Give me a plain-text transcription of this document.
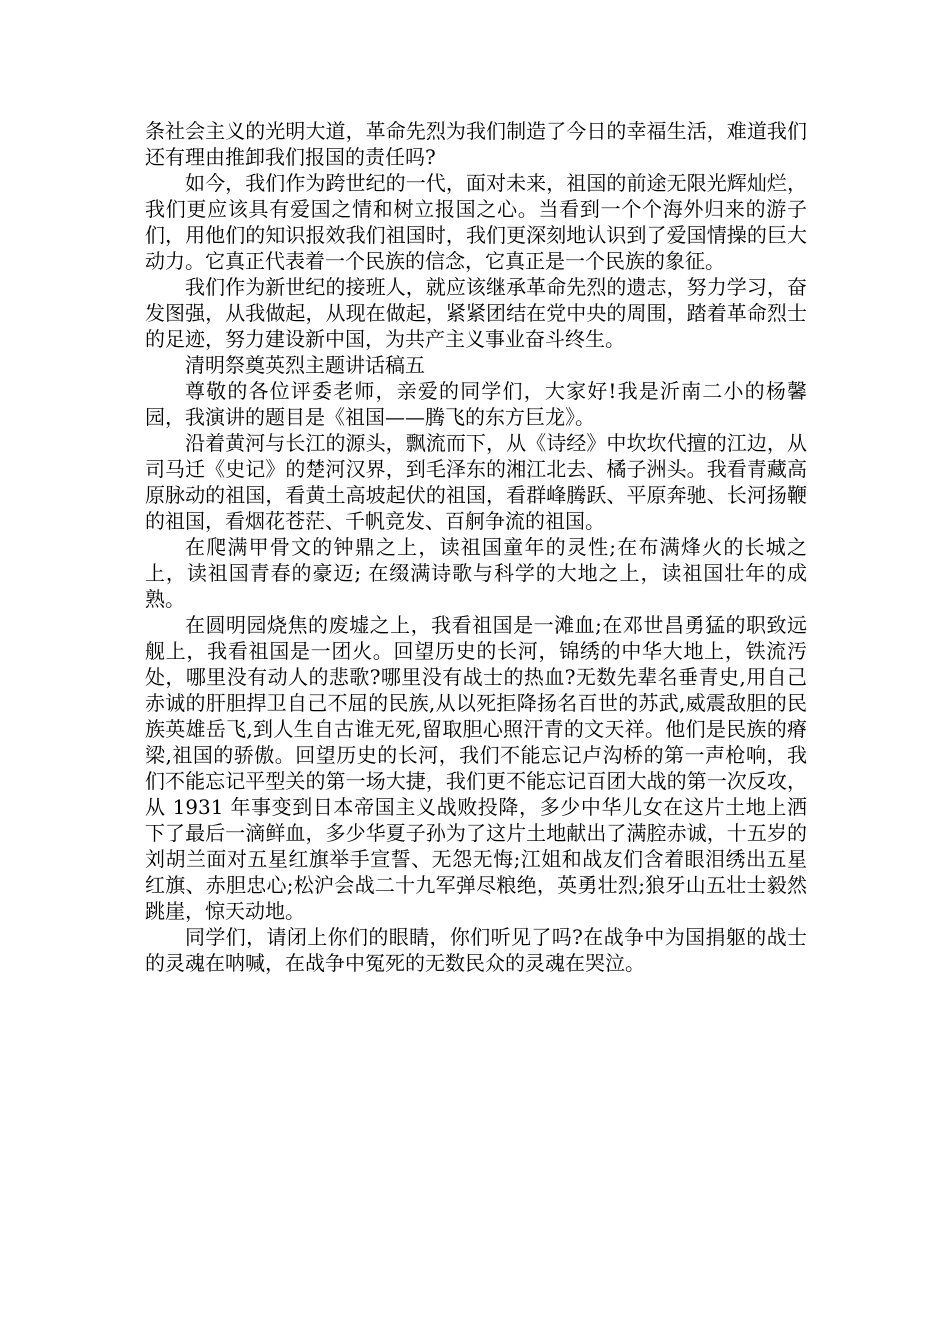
条社会主义的光明大道，革命先烈为我们制造了今日的幸福生活，难道我们还有理由推卸我们报国的责任吗?

如今，我们作为跨世纪的一代，面对未来，祖国的前途无限光辉灿烂，我们更应该具有爱国之情和树立报国之心。当看到一个个海外归来的游子们，用他们的知识报效我们祖国时，我们更深刻地认识到了爱国情操的巨大动力。它真正代表着一个民族的信念，它真正是一个民族的象征。

我们作为新世纪的接班人，就应该继承革命先烈的遗志，努力学习，奋发图强，从我做起，从现在做起，紧紧团结在党中央的周围，踏着革命烈士的足迹，努力建设新中国，为共产主义事业奋斗终生。

清明祭奠英烈主题讲话稿五

尊敬的各位评委老师，亲爱的同学们，大家好!我是沂南二小的杨馨园，我演讲的题目是《祖国——腾飞的东方巨龙》。

沿着黄河与长江的源头，飘流而下，从《诗经》中坎坎代擅的江边，从司马迁《史记》的楚河汉界，到毛泽东的湘江北去、橘子洲头。我看青藏高原脉动的祖国，看黄土高坡起伏的祖国，看群峰腾跃、平原奔驰、长河扬鞭的祖国，看烟花苍茫、千帆竞发、百舸争流的祖国。

在爬满甲骨文的钟鼎之上，读祖国童年的灵性;在布满烽火的长城之上，读祖国青春的豪迈; 在缀满诗歌与科学的大地之上，读祖国壮年的成熟。

在圆明园烧焦的废墟之上，我看祖国是一滩血;在邓世昌勇猛的职致远舰上，我看祖国是一团火。回望历史的长河，锦绣的中华大地上，铁流汚处，哪里没有动人的悲歌?哪里没有战士的热血?无数先辈名垂青史,用自己赤诚的肝胆捍卫自己不屈的民族,从以死拒降扬名百世的苏武,威震敌胆的民族英雄岳飞,到人生自古谁无死,留取胆心照汗青的文天祥。他们是民族的瘠梁,祖国的骄傲。回望历史的长河，我们不能忘记卢沟桥的第一声枪响，我们不能忘记平型关的第一场大捷，我们更不能忘记百团大战的第一次反攻，从 1931 年事变到日本帝国主义战败投降，多少中华儿女在这片土地上洒下了最后一滴鲜血，多少华夏子孙为了这片土地献出了满腔赤诚，十五岁的刘胡兰面对五星红旗举手宣誓、无怨无悔;江姐和战友们含着眼泪绣出五星红旗、赤胆忠心;松沪会战二十九军弹尽粮绝，英勇壮烈;狼牙山五壮士毅然跳崖，惊天动地。

同学们，请闭上你们的眼睛，你们听见了吗?在战争中为国捐躯的战士的灵魂在呐喊，在战争中冤死的无数民众的灵魂在哭泣。
